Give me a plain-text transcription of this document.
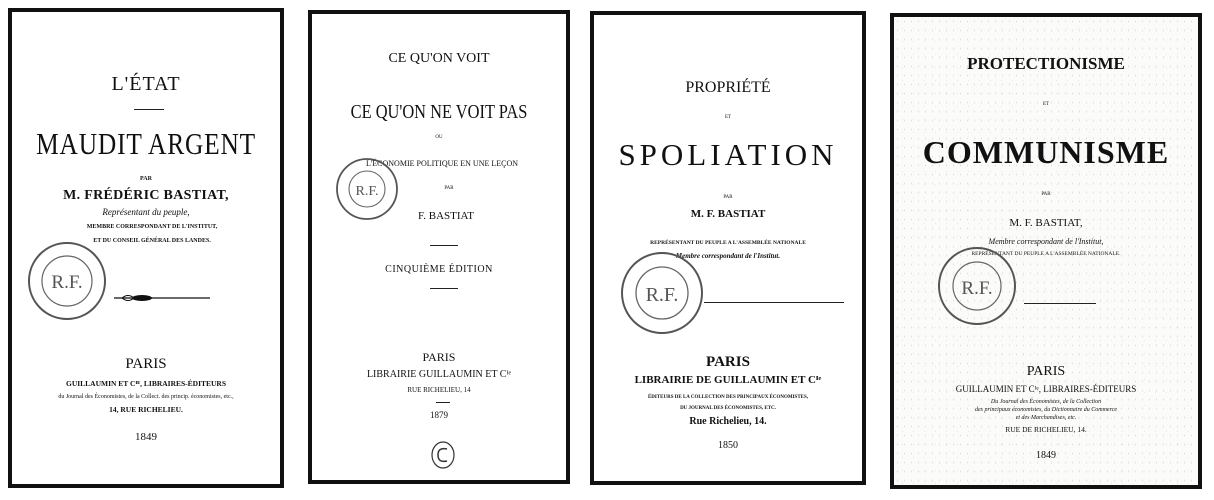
L'ÉTAT
MAUDIT ARGENT
PAR
M. FRÉDÉRIC BASTIAT,
Représentant du peuple,
MEMBRE CORRESPONDANT DE L'INSTITUT,
ET DU CONSEIL GÉNÉRAL DES LANDES.
R.F.
PARIS
GUILLAUMIN ET Cᴵᴱ, LIBRAIRES-ÉDITEURS
du Journal des Économistes, de la Collect. des princip. économistes, etc.,
14, RUE RICHELIEU.
1849
CE QU'ON VOIT
CE QU'ON NE VOIT PAS
OU
L'ÉCONOMIE POLITIQUE EN UNE LEÇON
PAR
R.F.
F. BASTIAT
CINQUIÈME ÉDITION
PARIS
LIBRAIRIE GUILLAUMIN ET Cᴵᵉ
RUE RICHELIEU, 14
1879
PROPRIÉTÉ
ET
SPOLIATION
PAR
M. F. BASTIAT
REPRÉSENTANT DU PEUPLE A L'ASSEMBLÉE NATIONALE
Membre correspondant de l'Institut.
R.F.
PARIS
LIBRAIRIE DE GUILLAUMIN ET Cᴵᵉ
ÉDITEURS DE LA COLLECTION DES PRINCIPAUX ÉCONOMISTES,
DU JOURNAL DES ÉCONOMISTES, ETC.
Rue Richelieu, 14.
1850
PROTECTIONISME
ET
COMMUNISME
PAR
M. F. BASTIAT,
Membre correspondant de l'Institut,
REPRÉSENTANT DU PEUPLE A L'ASSEMBLÉE NATIONALE.
R.F.
PARIS
GUILLAUMIN ET Cᴵᵉ, LIBRAIRES-ÉDITEURS
Du Journal des Économistes, de la Collection
des principaux économistes, du Dictionnaire du Commerce
et des Marchandises, etc.
RUE DE RICHELIEU, 14.
1849
